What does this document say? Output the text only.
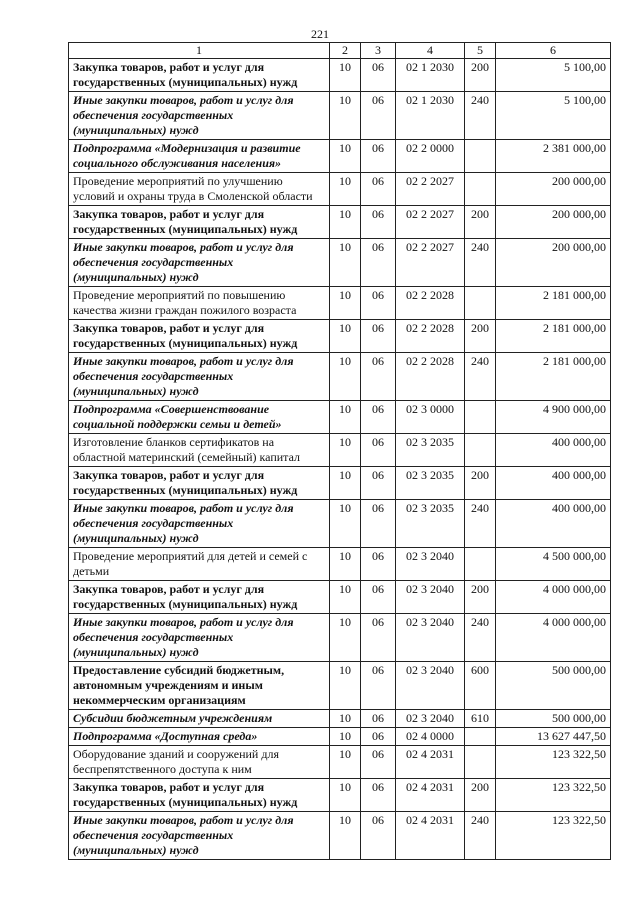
221
1	2	3	4	5	6
Закупка товаров, работ и услуг для государственных (муниципальных) нужд	10	06	02 1 2030	200	5 100,00
Иные закупки товаров, работ и услуг для обеспечения государственных (муниципальных) нужд	10	06	02 1 2030	240	5 100,00
Подпрограмма «Модернизация и развитие социального обслуживания населения»	10	06	02 2 0000		2 381 000,00
Проведение мероприятий по улучшению условий и охраны труда в Смоленской области	10	06	02 2 2027		200 000,00
Закупка товаров, работ и услуг для государственных (муниципальных) нужд	10	06	02 2 2027	200	200 000,00
Иные закупки товаров, работ и услуг для обеспечения государственных (муниципальных) нужд	10	06	02 2 2027	240	200 000,00
Проведение мероприятий по повышению качества жизни граждан пожилого возраста	10	06	02 2 2028		2 181 000,00
Закупка товаров, работ и услуг для государственных (муниципальных) нужд	10	06	02 2 2028	200	2 181 000,00
Иные закупки товаров, работ и услуг для обеспечения государственных (муниципальных) нужд	10	06	02 2 2028	240	2 181 000,00
Подпрограмма «Совершенствование социальной поддержки семьи и детей»	10	06	02 3 0000		4 900 000,00
Изготовление бланков сертификатов на областной материнский (семейный) капитал	10	06	02 3 2035		400 000,00
Закупка товаров, работ и услуг для государственных (муниципальных) нужд	10	06	02 3 2035	200	400 000,00
Иные закупки товаров, работ и услуг для обеспечения государственных (муниципальных) нужд	10	06	02 3 2035	240	400 000,00
Проведение мероприятий для детей и семей с детьми	10	06	02 3 2040		4 500 000,00
Закупка товаров, работ и услуг для государственных (муниципальных) нужд	10	06	02 3 2040	200	4 000 000,00
Иные закупки товаров, работ и услуг для обеспечения государственных (муниципальных) нужд	10	06	02 3 2040	240	4 000 000,00
Предоставление субсидий бюджетным, автономным учреждениям и иным некоммерческим организациям	10	06	02 3 2040	600	500 000,00
Субсидии бюджетным учреждениям	10	06	02 3 2040	610	500 000,00
Подпрограмма «Доступная среда»	10	06	02 4 0000		13 627 447,50
Оборудование зданий и сооружений для беспрепятственного доступа к ним	10	06	02 4 2031		123 322,50
Закупка товаров, работ и услуг для государственных (муниципальных) нужд	10	06	02 4 2031	200	123 322,50
Иные закупки товаров, работ и услуг для обеспечения государственных (муниципальных) нужд	10	06	02 4 2031	240	123 322,50
